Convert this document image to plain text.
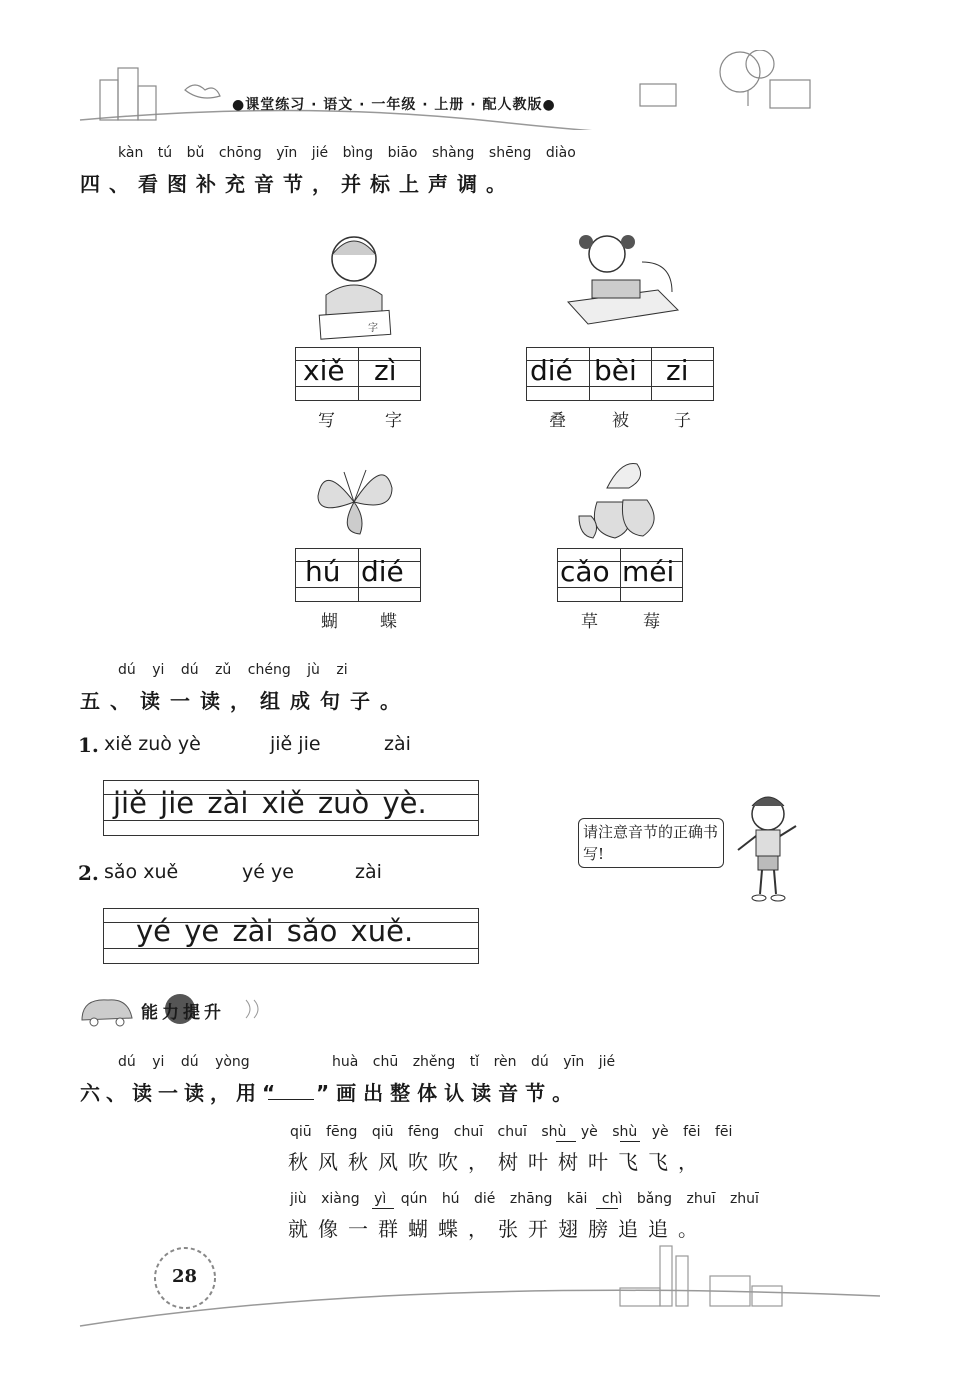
●课堂练习 · 语文 · 一年级 · 上册 · 配人教版●
kàn tú bǔ chōng yīn jié bìng biāo shàng shēng diào
四、看图补充音节，并标上声调。
字
xiě zì
写	字
dié bèi zi
叠	被	子
hú dié
蝴 蝶
cǎo méi
草	莓
dú yi dú zǔ chéng jù zi
五、读一读，组成句子。
1. xiě zuò yè	jiě jie	zài
jiě jie zài xiě zuò yè.
2. sǎo xuě	yé ye	zài
yé ye zài sǎo xuě.
请注意音节的正确书写!
能力提升
dú yi dú yòng	huà chū zhěng tǐ rèn dú yīn jié
六、读一读，用“ ”画出整体认读音节。
qiū fēng qiū fēng chuī chuī shù yè shù yè fēi fēi
秋风秋风吹吹，树叶树叶飞飞，
jiù xiàng yì qún hú dié zhāng kāi chì bǎng zhuī zhuī
就像一群蝴蝶，张开翅膀追追。
28
